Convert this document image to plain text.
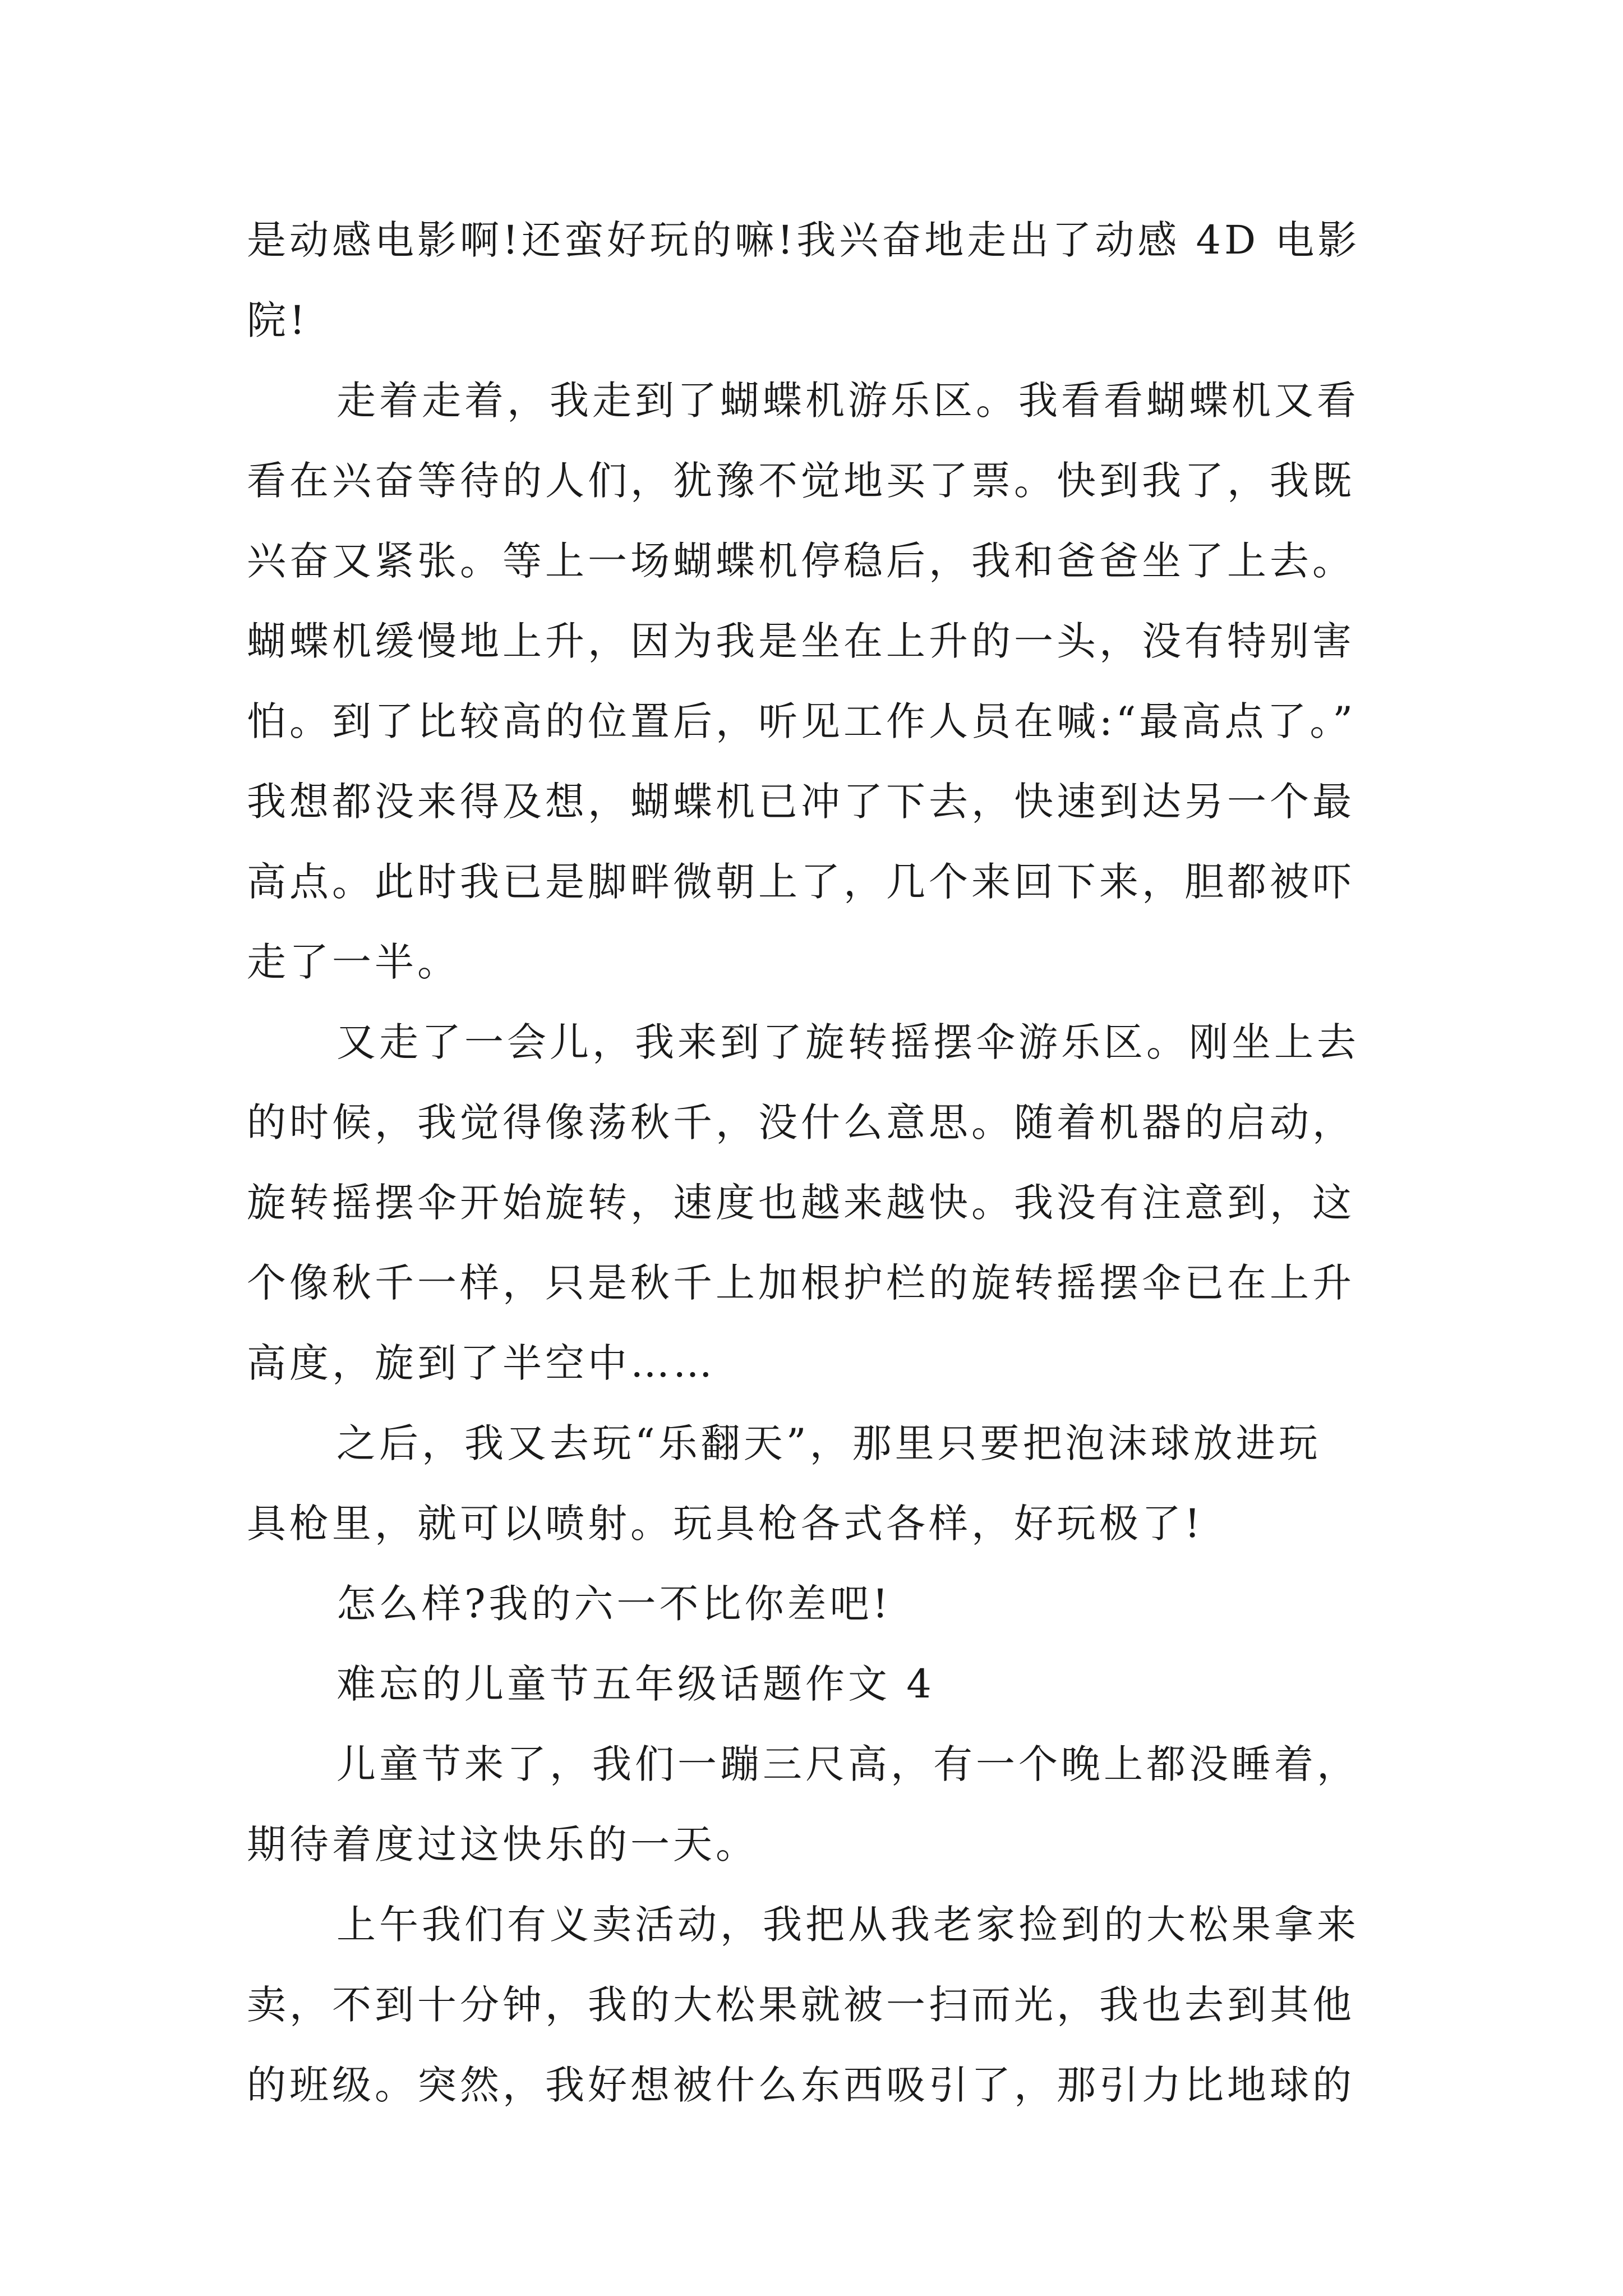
是动感电影啊!还蛮好玩的嘛!我兴奋地走出了动感 4D 电影
院!
走着走着，我走到了蝴蝶机游乐区。我看看蝴蝶机又看
看在兴奋等待的人们，犹豫不觉地买了票。快到我了，我既
兴奋又紧张。等上一场蝴蝶机停稳后，我和爸爸坐了上去。
蝴蝶机缓慢地上升，因为我是坐在上升的一头，没有特别害
怕。到了比较高的位置后，听见工作人员在喊:“最高点了。”
我想都没来得及想，蝴蝶机已冲了下去，快速到达另一个最
高点。此时我已是脚畔微朝上了，几个来回下来，胆都被吓
走了一半。
又走了一会儿，我来到了旋转摇摆伞游乐区。刚坐上去
的时候，我觉得像荡秋千，没什么意思。随着机器的启动，
旋转摇摆伞开始旋转，速度也越来越快。我没有注意到，这
个像秋千一样，只是秋千上加根护栏的旋转摇摆伞已在上升
高度，旋到了半空中……
之后，我又去玩“乐翻天”，那里只要把泡沫球放进玩
具枪里，就可以喷射。玩具枪各式各样，好玩极了!
怎么样?我的六一不比你差吧!
难忘的儿童节五年级话题作文 4
儿童节来了，我们一蹦三尺高，有一个晚上都没睡着，
期待着度过这快乐的一天。
上午我们有义卖活动，我把从我老家捡到的大松果拿来
卖，不到十分钟，我的大松果就被一扫而光，我也去到其他
的班级。突然，我好想被什么东西吸引了，那引力比地球的
